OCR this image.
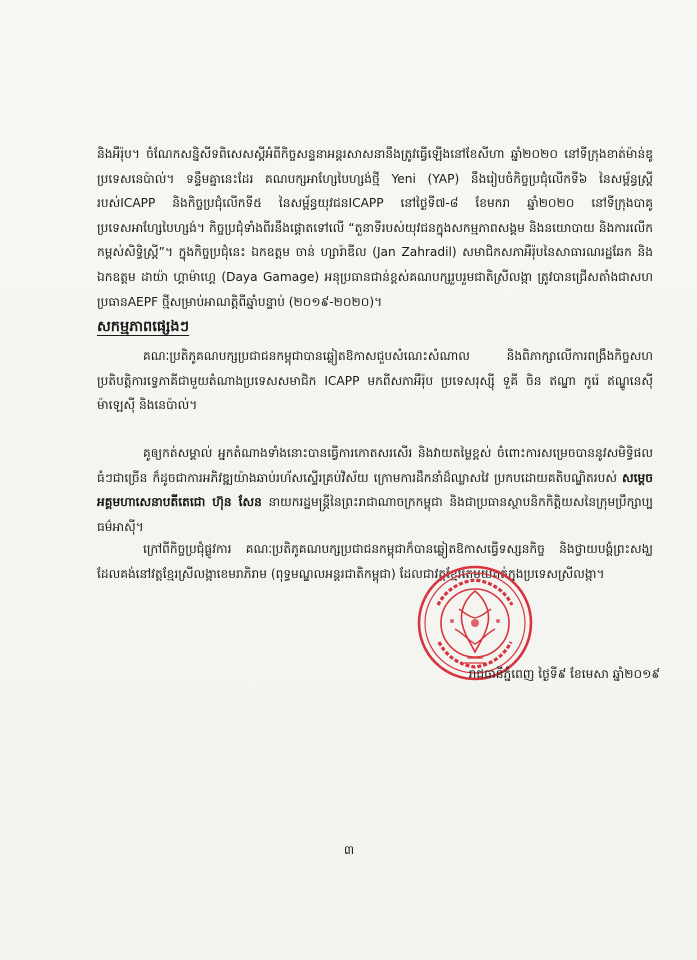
និងអឺរ៉ុប។ ចំណែកសន្និសីទពិសេសស្តីអំពីកិច្ចសន្ទនាអន្តរសាសនានឹងត្រូវធ្វើឡើងនៅខែសីហា ឆ្នាំ២០២០ នៅទីក្រុងខាត់ម៉ាន់ឌូ ប្រទេសនេប៉ាល់។ ទន្ទឹមគ្នានេះដែរ គណបក្សអាហ្សែបៃហ្សង់ថ្មី Yeni (YAP) នឹងរៀបចំកិច្ចប្រជុំលើកទី៦ នៃសម្ព័ន្ធស្ត្រីរបស់ICAPP និងកិច្ចប្រជុំលើកទី៥ នៃសម្ព័ន្ធយុវជនICAPP នៅថ្ងៃទី៧-៨ ខែមករា ឆ្នាំ២០២០ នៅទីក្រុងបាគូ ប្រទេសអាហ្សែបៃហ្សង់។ កិច្ចប្រជុំទាំងពីរនឹងផ្តោតទៅលើ “តួនាទីរបស់យុវជនក្នុងសកម្មភាពសង្គម និងនយោបាយ និងការលើកកម្ពស់សិទ្ធិស្ត្រី”។ ក្នុងកិច្ចប្រជុំនេះ ឯកឧត្តម ចាន់ ហ្សារ៉ាឌីល (Jan Zahradil) សមាជិកសភាអឺរ៉ុបនៃសាធារណរដ្ឋឆែក និងឯកឧត្តម ដាយ៉ា ហ្គាម៉ាហ្គេ (Daya Gamage) អនុប្រធានជាន់ខ្ពស់គណបក្សរួបរួមជាតិស្រីលង្កា ត្រូវបានជ្រើសតាំងជាសហប្រធានAEPF ថ្មីសម្រាប់អាណត្តិពីឆ្នាំបន្ទាប់ (២០១៩-២០២០)។

សកម្មភាពផ្សេងៗ

គណៈប្រតិភូគណបក្សប្រជាជនកម្ពុជាបានឆ្លៀតឱកាសជួបសំណេះសំណាល និងពិភាក្សាលើការពង្រឹងកិច្ចសហប្រតិបត្តិការទ្វេភាគីជាមួយតំណាងប្រទេសសមាជិក ICAPP មកពីសភាអឺរ៉ុប ប្រទេសរុស្ស៊ី ទួគី ចិន ឥណ្ឌា កូរ៉េ ឥណ្ឌូនេស៊ី ម៉ាឡេស៊ី និងនេប៉ាល់។

គូឲ្យកត់សម្គាល់ អ្នកតំណាងទាំងនោះបានធ្វើការកោតសរសើរ និងវាយតម្លៃខ្ពស់ ចំពោះការសម្រេចបាននូវសមិទ្ធិផលធំៗជាច្រើន ក៏ដូចជាការអភិវឌ្ឍយ៉ាងឆាប់រហ័សស្ទើរគ្រប់វិស័យ ក្រោមការដឹកនាំដ៏ឈ្លាសវៃ ប្រកបដោយគតិបណ្ឌិតរបស់ សម្តេចអគ្គមហាសេនាបតីតេជោ ហ៊ុន សែន នាយករដ្ឋមន្ត្រីនៃព្រះរាជាណាចក្រកម្ពុជា និងជាប្រធានស្ថាបនិកកិត្តិយសនៃក្រុមប្រឹក្សាប្បធម៌អាស៊ី។

ក្រៅពីកិច្ចប្រជុំផ្លូវការ គណៈប្រតិភូគណបក្សប្រជាជនកម្ពុជាក៏បានឆ្លៀតឱកាសធ្វើទស្សនកិច្ច និងថ្វាយបង្គំព្រះសង្ឃ ដែលគង់នៅវត្តខ្មែរស្រីលង្កាខេមរាភិរាម (ពុទ្ធមណ្ឌលអន្តរជាតិកម្ពុជា) ដែលជាវត្តខ្មែរតែមួយគត់ក្នុងប្រទេសស្រីលង្កា។

រាជធានីភ្នំពេញ ថ្ងៃទី៩ ខែមេសា ឆ្នាំ២០១៩
៣
